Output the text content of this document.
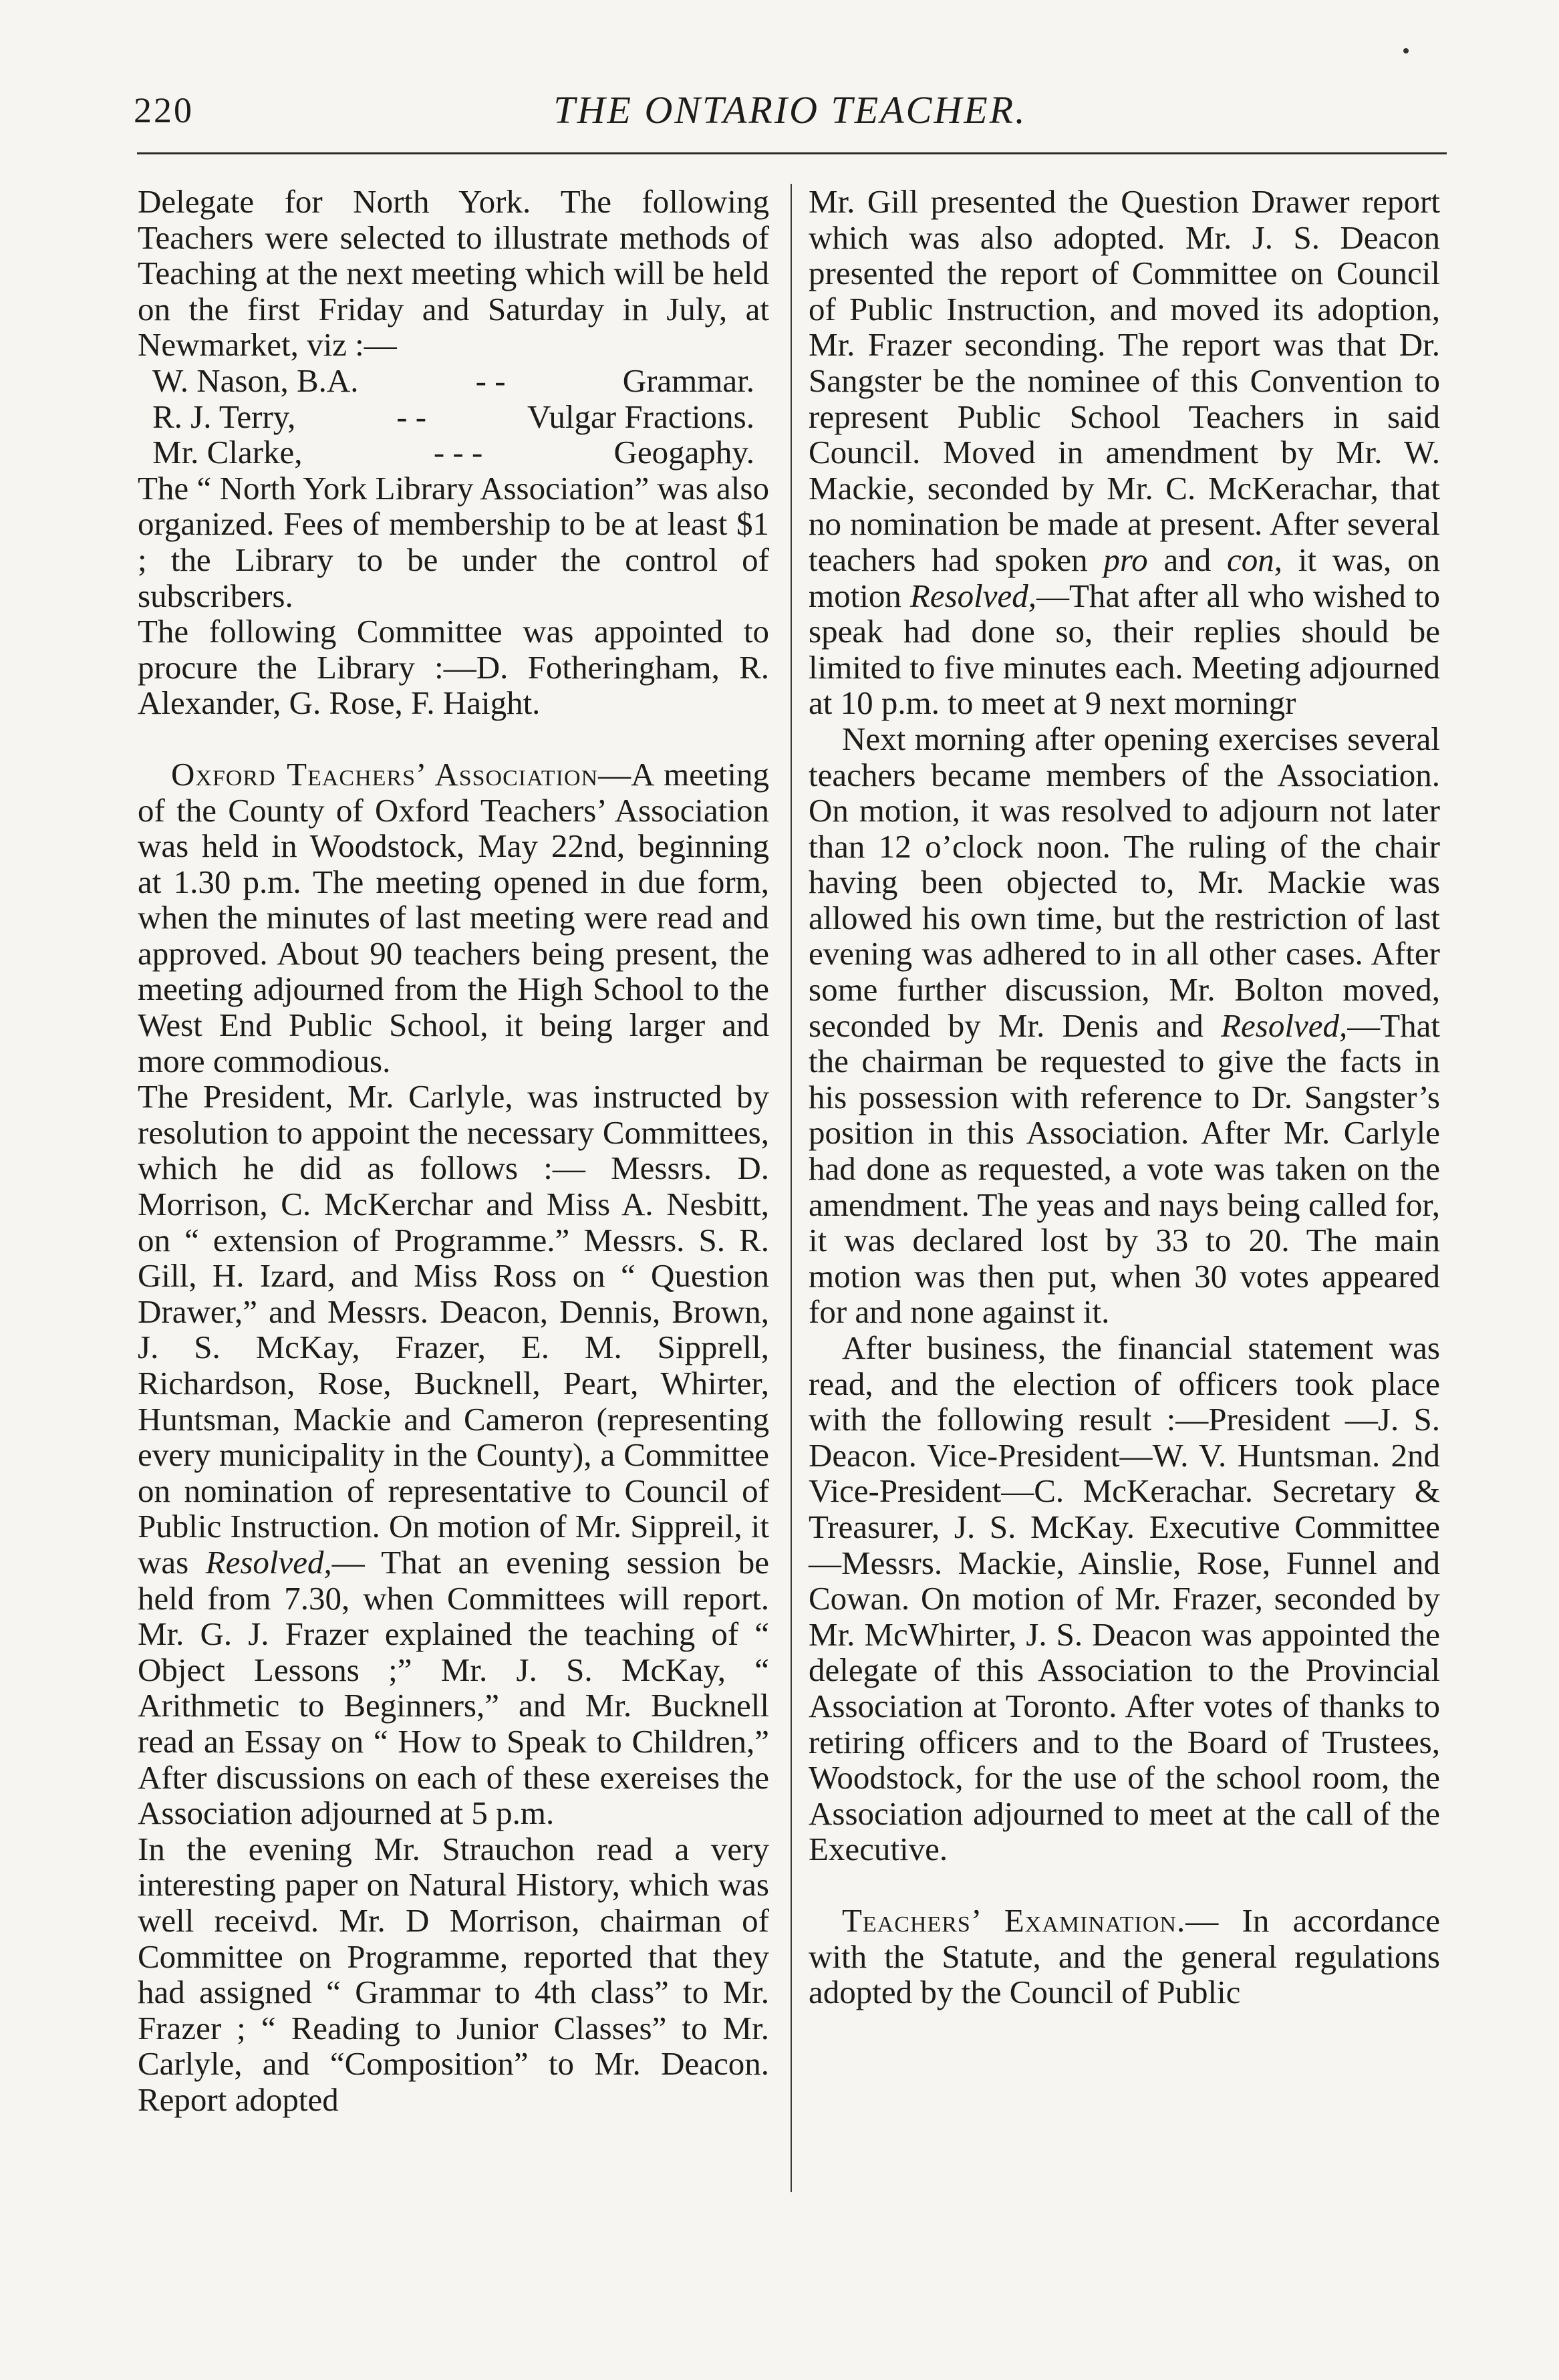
220	THE ONTARIO TEACHER.

Delegate for North York. The following Teachers were selected to illustrate methods of Teaching at the next meeting which will be held on the first Friday and Saturday in July, at Newmarket, viz :—

W. Nason, B.A.	- -	Grammar.
R. J. Terry,	- -	Vulgar Fractions.
Mr. Clarke,	- - -	Geogaphy.

The “ North York Library Association” was also organized. Fees of membership to be at least $1 ; the Library to be under the control of subscribers.

The following Committee was appointed to procure the Library :—D. Fotheringham, R. Alexander, G. Rose, F. Haight.

Oxford Teachers’ Association—A meeting of the County of Oxford Teachers’ Association was held in Woodstock, May 22nd, beginning at 1.30 p.m. The meeting opened in due form, when the minutes of last meeting were read and approved. About 90 teachers being present, the meeting adjourned from the High School to the West End Public School, it being larger and more commodious.

The President, Mr. Carlyle, was instructed by resolution to appoint the necessary Committees, which he did as follows :— Messrs. D. Morrison, C. McKerchar and Miss A. Nesbitt, on “ extension of Programme.” Messrs. S. R. Gill, H. Izard, and Miss Ross on “ Question Drawer,” and Messrs. Deacon, Dennis, Brown, J. S. McKay, Frazer, E. M. Sipprell, Richardson, Rose, Bucknell, Peart, Whirter, Huntsman, Mackie and Cameron (representing every municipality in the County), a Committee on nomination of representative to Council of Public Instruction. On motion of Mr. Sippreil, it was Resolved,— That an evening session be held from 7.30, when Committees will report. Mr. G. J. Frazer explained the teaching of “ Object Lessons ;” Mr. J. S. McKay, “ Arithmetic to Beginners,” and Mr. Bucknell read an Essay on “ How to Speak to Children,” After discussions on each of these exereises the Association adjourned at 5 p.m.

In the evening Mr. Strauchon read a very interesting paper on Natural History, which was well receivd. Mr. D Morrison, chairman of Committee on Programme, reported that they had assigned “ Grammar to 4th class” to Mr. Frazer ; “ Reading to Junior Classes” to Mr. Carlyle, and “Composition” to Mr. Deacon. Report adopted

Mr. Gill presented the Question Drawer report which was also adopted. Mr. J. S. Deacon presented the report of Committee on Council of Public Instruction, and moved its adoption, Mr. Frazer seconding. The report was that Dr. Sangster be the nominee of this Convention to represent Public School Teachers in said Council. Moved in amendment by Mr. W. Mackie, seconded by Mr. C. McKerachar, that no nomination be made at present. After several teachers had spoken pro and con, it was, on motion Resolved,—That after all who wished to speak had done so, their replies should be limited to five minutes each. Meeting adjourned at 10 p.m. to meet at 9 next morningr

Next morning after opening exercises several teachers became members of the Association. On motion, it was resolved to adjourn not later than 12 o’clock noon. The ruling of the chair having been objected to, Mr. Mackie was allowed his own time, but the restriction of last evening was adhered to in all other cases. After some further discussion, Mr. Bolton moved, seconded by Mr. Denis and Resolved,—That the chairman be requested to give the facts in his possession with reference to Dr. Sangster’s position in this Association. After Mr. Carlyle had done as requested, a vote was taken on the amendment. The yeas and nays being called for, it was declared lost by 33 to 20. The main motion was then put, when 30 votes appeared for and none against it.

After business, the financial statement was read, and the election of officers took place with the following result :—President —J. S. Deacon. Vice-President—W. V. Huntsman. 2nd Vice-President—C. McKerachar. Secretary & Treasurer, J. S. McKay. Executive Committee—Messrs. Mackie, Ainslie, Rose, Funnel and Cowan. On motion of Mr. Frazer, seconded by Mr. McWhirter, J. S. Deacon was appointed the delegate of this Association to the Provincial Association at Toronto. After votes of thanks to retiring officers and to the Board of Trustees, Woodstock, for the use of the school room, the Association adjourned to meet at the call of the Executive.

Teachers’ Examination.— In accordance with the Statute, and the general regulations adopted by the Council of Public
